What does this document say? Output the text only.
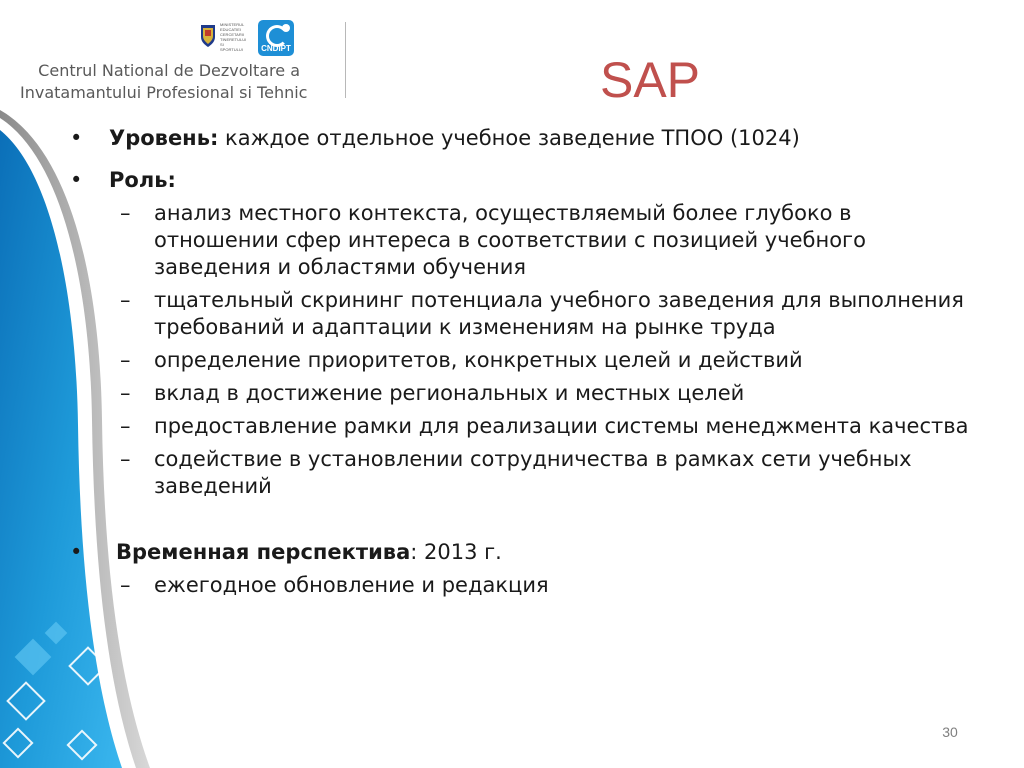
MINISTERUL
EDUCATIEI
CERCETARII
TINERETULUI
SI SPORTULUI	CNDIPT
Centrul National de Dezvoltare a
Invatamantului Profesional si Tehnic	SAP
• Уровень: каждое отдельное учебное заведение ТПОО (1024)
• Роль:
– анализ местного контекста, осуществляемый более глубоко в отношении сфер интереса в соответствии с позицией учебного заведения и областями обучения
– тщательный скрининг потенциала учебного заведения для выполнения требований и адаптации к изменениям на рынке труда
– определение приоритетов, конкретных целей и действий
– вклад в достижение региональных и местных целей
– предоставление рамки для реализации системы менеджмента качества
– содействие в установлении сотрудничества в рамках сети учебных заведений
• Временная перспектива: 2013 г.
– ежегодное обновление и редакция
30
